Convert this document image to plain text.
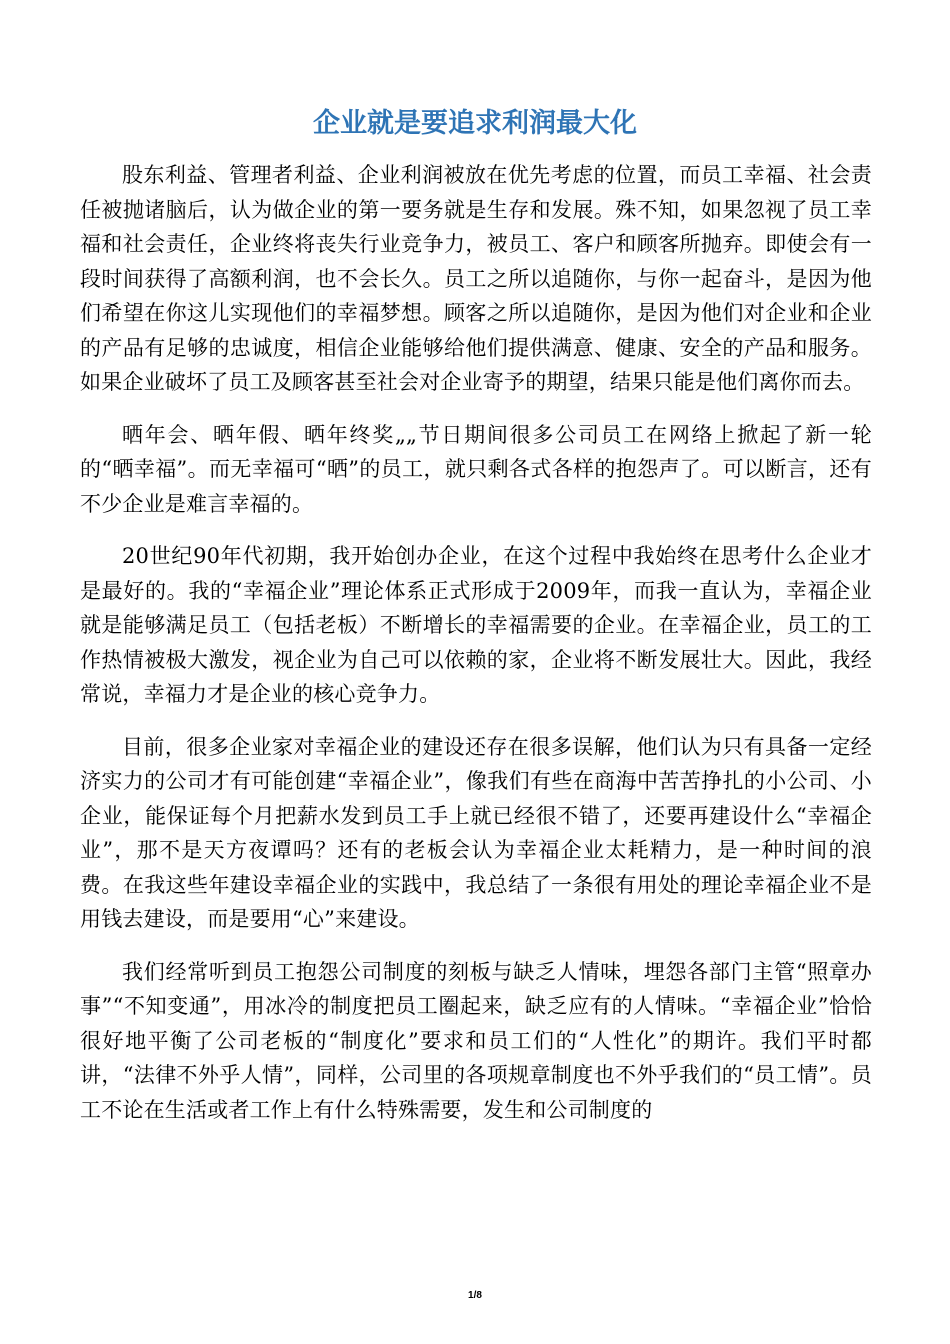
企业就是要追求利润最大化

股东利益、管理者利益、企业利润被放在优先考虑的位置，而员工幸福、社会责任被抛诸脑后，认为做企业的第一要务就是生存和发展。殊不知，如果忽视了员工幸福和社会责任，企业终将丧失行业竞争力，被员工、客户和顾客所抛弃。即使会有一段时间获得了高额利润，也不会长久。员工之所以追随你，与你一起奋斗，是因为他们希望在你这儿实现他们的幸福梦想。顾客之所以追随你，是因为他们对企业和企业的产品有足够的忠诚度，相信企业能够给他们提供满意、健康、安全的产品和服务。如果企业破坏了员工及顾客甚至社会对企业寄予的期望，结果只能是他们离你而去。

晒年会、晒年假、晒年终奖„„节日期间很多公司员工在网络上掀起了新一轮的“晒幸福”。而无幸福可“晒”的员工，就只剩各式各样的抱怨声了。可以断言，还有不少企业是难言幸福的。

20世纪90年代初期，我开始创办企业，在这个过程中我始终在思考什么企业才是最好的。我的“幸福企业”理论体系正式形成于2009年，而我一直认为，幸福企业就是能够满足员工（包括老板）不断增长的幸福需要的企业。在幸福企业，员工的工作热情被极大激发，视企业为自己可以依赖的家，企业将不断发展壮大。因此，我经常说，幸福力才是企业的核心竞争力。

目前，很多企业家对幸福企业的建设还存在很多误解，他们认为只有具备一定经济实力的公司才有可能创建“幸福企业”，像我们有些在商海中苦苦挣扎的小公司、小企业，能保证每个月把薪水发到员工手上就已经很不错了，还要再建设什么“幸福企业”，那不是天方夜谭吗？还有的老板会认为幸福企业太耗精力，是一种时间的浪费。在我这些年建设幸福企业的实践中，我总结了一条很有用处的理论幸福企业不是用钱去建设，而是要用“心”来建设。

我们经常听到员工抱怨公司制度的刻板与缺乏人情味，埋怨各部门主管“照章办事”“不知变通”，用冰冷的制度把员工圈起来，缺乏应有的人情味。“幸福企业”恰恰很好地平衡了公司老板的“制度化”要求和员工们的“人性化”的期许。我们平时都讲，“法律不外乎人情”，同样，公司里的各项规章制度也不外乎我们的“员工情”。员工不论在生活或者工作上有什么特殊需要，发生和公司制度的

1/8
